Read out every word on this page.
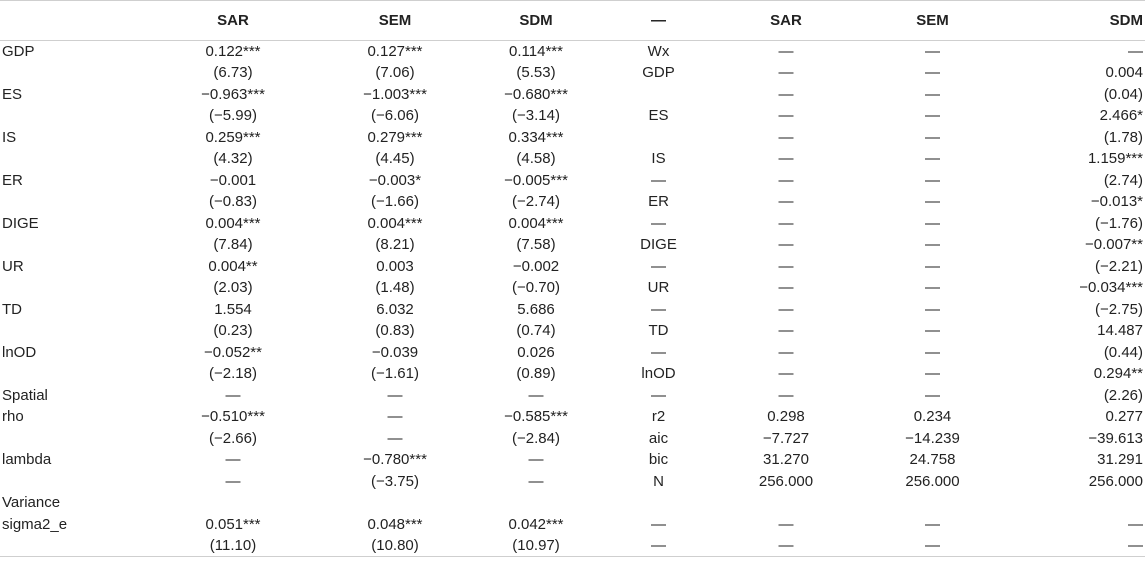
	SAR	SEM	SDM	—	SAR	SEM	SDM
GDP	0.122***	0.127***	0.114***	Wx	—	—	—
	(6.73)	(7.06)	(5.53)	GDP	—	—	0.004
ES	−0.963***	−1.003***	−0.680***		—	—	(0.04)
	(−5.99)	(−6.06)	(−3.14)	ES	—	—	2.466*
IS	0.259***	0.279***	0.334***		—	—	(1.78)
	(4.32)	(4.45)	(4.58)	IS	—	—	1.159***
ER	−0.001	−0.003*	−0.005***	—	—	—	(2.74)
	(−0.83)	(−1.66)	(−2.74)	ER	—	—	−0.013*
DIGE	0.004***	0.004***	0.004***	—	—	—	(−1.76)
	(7.84)	(8.21)	(7.58)	DIGE	—	—	−0.007**
UR	0.004**	0.003	−0.002	—	—	—	(−2.21)
	(2.03)	(1.48)	(−0.70)	UR	—	—	−0.034***
TD	1.554	6.032	5.686	—	—	—	(−2.75)
	(0.23)	(0.83)	(0.74)	TD	—	—	14.487
lnOD	−0.052**	−0.039	0.026	—	—	—	(0.44)
	(−2.18)	(−1.61)	(0.89)	lnOD	—	—	0.294**
Spatial	—	—	—	—	—	—	(2.26)
rho	−0.510***	—	−0.585***	r2	0.298	0.234	0.277
	(−2.66)	—	(−2.84)	aic	−7.727	−14.239	−39.613
lambda	—	−0.780***	—	bic	31.270	24.758	31.291
	—	(−3.75)	—	N	256.000	256.000	256.000
Variance							
sigma2_e	0.051***	0.048***	0.042***	—	—	—	—
	(11.10)	(10.80)	(10.97)	—	—	—	—
